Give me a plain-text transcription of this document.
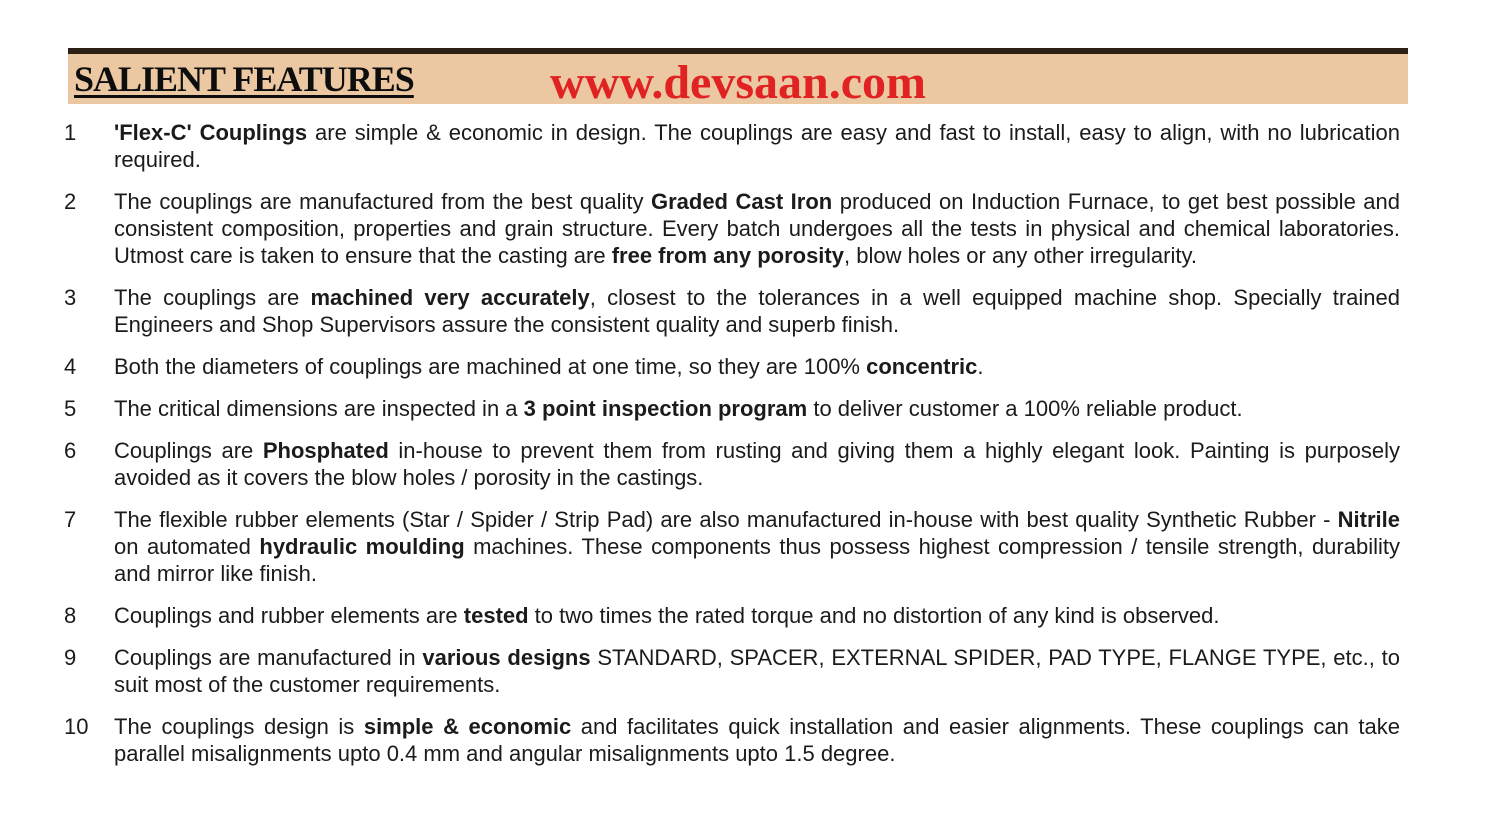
SALIENT FEATURES	www.devsaan.com
1	'Flex-C' Couplings are simple & economic in design. The couplings are easy and fast to install, easy to align, with no lubrication required.
2	The couplings are manufactured from the best quality Graded Cast Iron produced on Induction Furnace, to get best possible and consistent composition, properties and grain structure. Every batch undergoes all the tests in physical and chemical laboratories. Utmost care is taken to ensure that the casting are free from any porosity, blow holes or any other irregularity.
3	The couplings are machined very accurately, closest to the tolerances in a well equipped machine shop. Specially trained Engineers and Shop Supervisors assure the consistent quality and superb finish.
4	Both the diameters of couplings are machined at one time, so they are 100% concentric.
5	The critical dimensions are inspected in a 3 point inspection program to deliver customer a 100% reliable product.
6	Couplings are Phosphated in-house to prevent them from rusting and giving them a highly elegant look. Painting is purposely avoided as it covers the blow holes / porosity in the castings.
7	The flexible rubber elements (Star / Spider / Strip Pad) are also manufactured in-house with best quality Synthetic Rubber - Nitrile on automated hydraulic moulding machines. These components thus possess highest compression / tensile strength, durability and mirror like finish.
8	Couplings and rubber elements are tested to two times the rated torque and no distortion of any kind is observed.
9	Couplings are manufactured in various designs STANDARD, SPACER, EXTERNAL SPIDER, PAD TYPE, FLANGE TYPE, etc., to suit most of the customer requirements.
10	The couplings design is simple & economic and facilitates quick installation and easier alignments. These couplings can take parallel misalignments upto 0.4 mm and angular misalignments upto 1.5 degree.
